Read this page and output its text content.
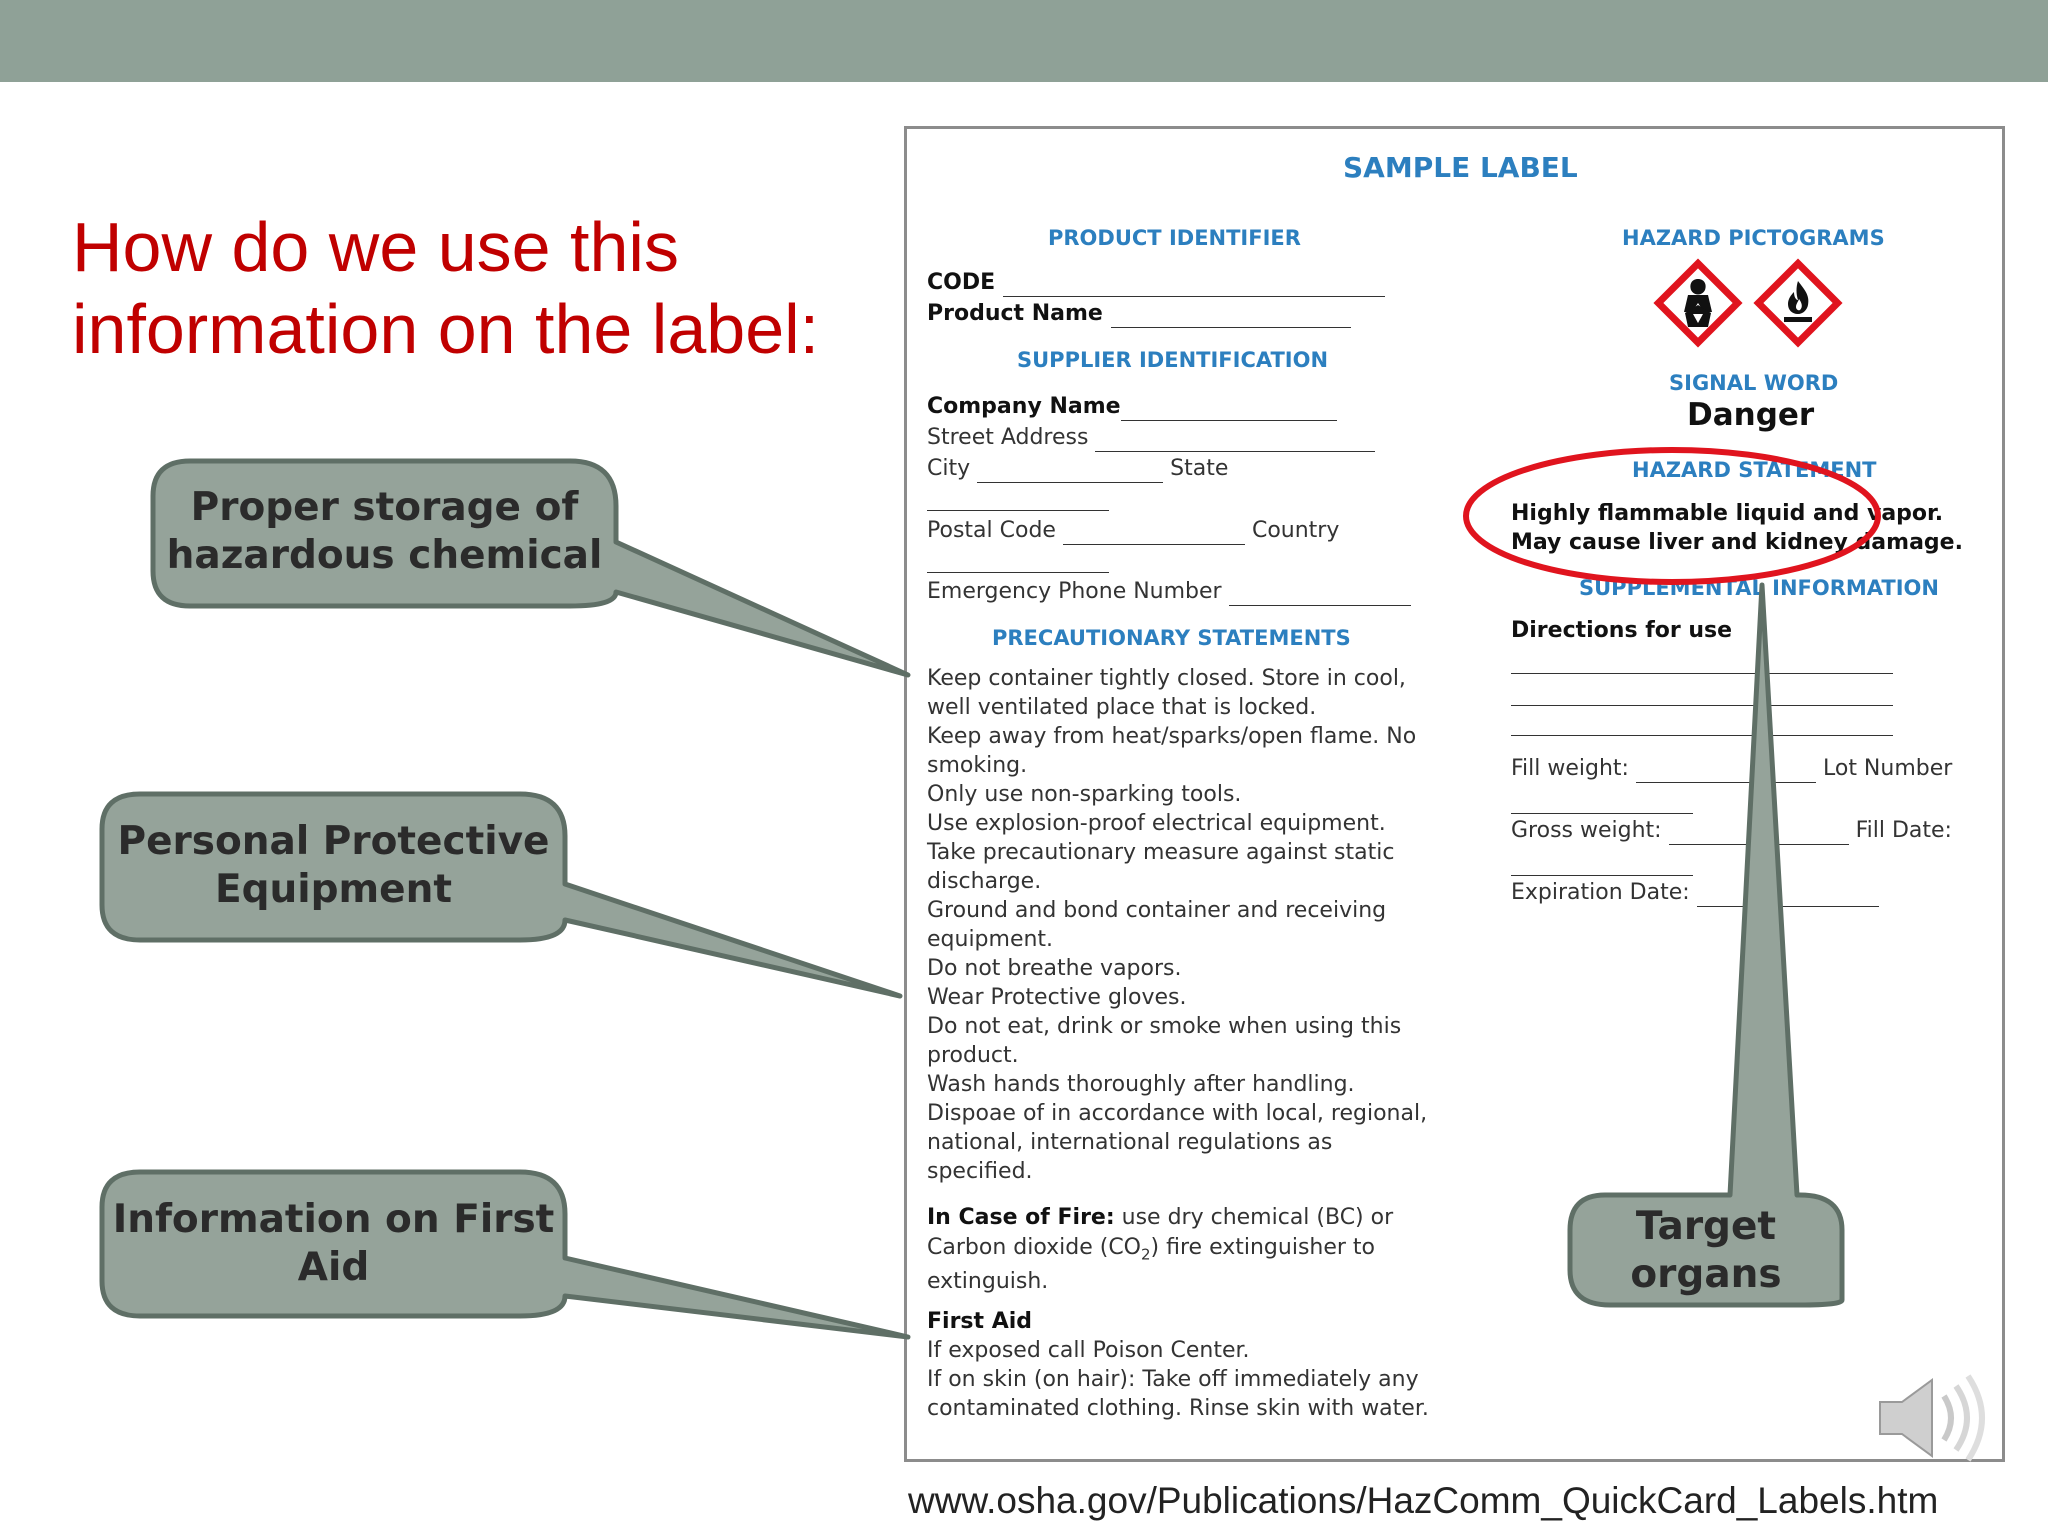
How do we use this
information on the label:
SAMPLE LABEL
PRODUCT IDENTIFIER
CODE
Product Name
SUPPLIER IDENTIFICATION
Company Name
Street Address
City	State
Postal Code	Country
Emergency Phone Number
PRECAUTIONARY STATEMENTS
Keep container tightly closed. Store in cool,
well ventilated place that is locked.
Keep away from heat/sparks/open flame. No
smoking.
Only use non-sparking tools.
Use explosion-proof electrical equipment.
Take precautionary measure against static
discharge.
Ground and bond container and receiving
equipment.
Do not breathe vapors.
Wear Protective gloves.
Do not eat, drink or smoke when using this
product.
Wash hands thoroughly after handling.
Dispoae of in accordance with local, regional,
national, international regulations as
specified.
In Case of Fire: use dry chemical (BC) or
Carbon dioxide $(CO_2)$ fire extinguisher to
extinguish.
First Aid
If exposed call Poison Center.
If on skin (on hair): Take off immediately any
contaminated clothing. Rinse skin with water.
HAZARD PICTOGRAMS
SIGNAL WORD
Danger
HAZARD STATEMENT
Highly flammable liquid and vapor.
May cause liver and kidney damage.
SUPPLEMENTAL INFORMATION
Directions for use
Fill weight:	Lot Number
Gross weight:	Fill Date:
Expiration Date:
Proper storage of
hazardous chemical
Personal Protective
Equipment
Information on First
Aid
Target
organs
www.osha.gov/Publications/HazComm_QuickCard_Labels.htm
